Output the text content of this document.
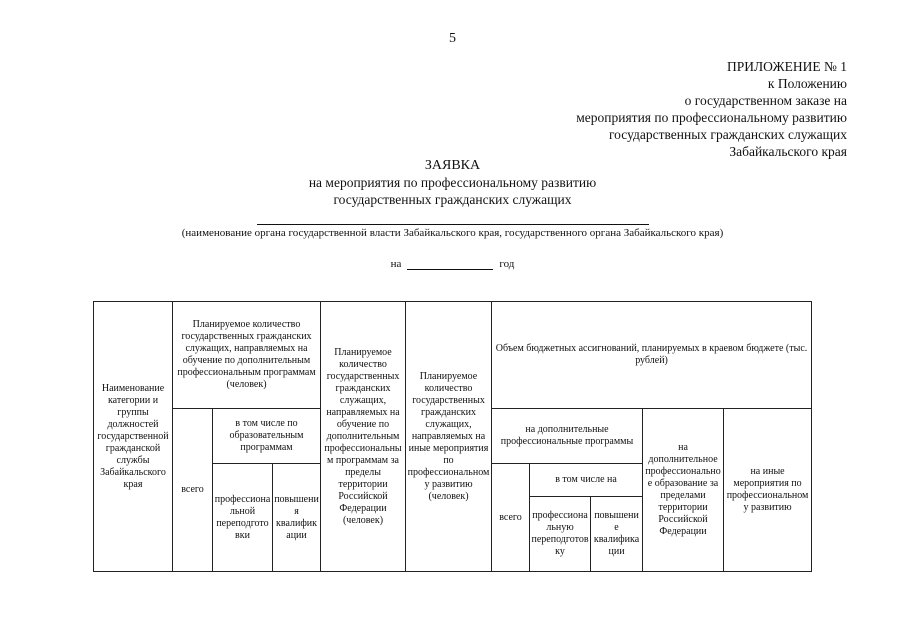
5
ПРИЛОЖЕНИЕ № 1
к Положению
о государственном заказе на
мероприятия по профессиональному развитию
государственных гражданских служащих
Забайкальского края
ЗАЯВКА
на мероприятия по профессиональному развитию
государственных гражданских служащих
(наименование органа государственной власти Забайкальского края, государственного органа Забайкальского края)
на	год
Наименование категории и группы должностей государственной гражданской службы Забайкальского края	Планируемое количество государственных гражданских служащих, направляемых на обучение по дополнительным профессиональным программам (человек)			Планируемое количество государственных гражданских служащих, направляемых на обучение по дополнительным профессиональным программам за пределы территории Российской Федерации (человек)	Планируемое количество государственных гражданских служащих, направляемых на иные мероприятия по профессиональному развитию (человек)	Объем бюджетных ассигнований, планируемых в краевом бюджете (тыс. рублей)				
	всего	в том числе по образовательным программам				на дополнительные профессиональные программы			на дополнительное профессиональное образование за пределами территории Российской Федерации	на иные мероприятия по профессиональному развитию
		профессиональной переподготовки	повышения квалификации			всего	в том числе на			
							профессиональную переподготовку	повышение квалификации		
